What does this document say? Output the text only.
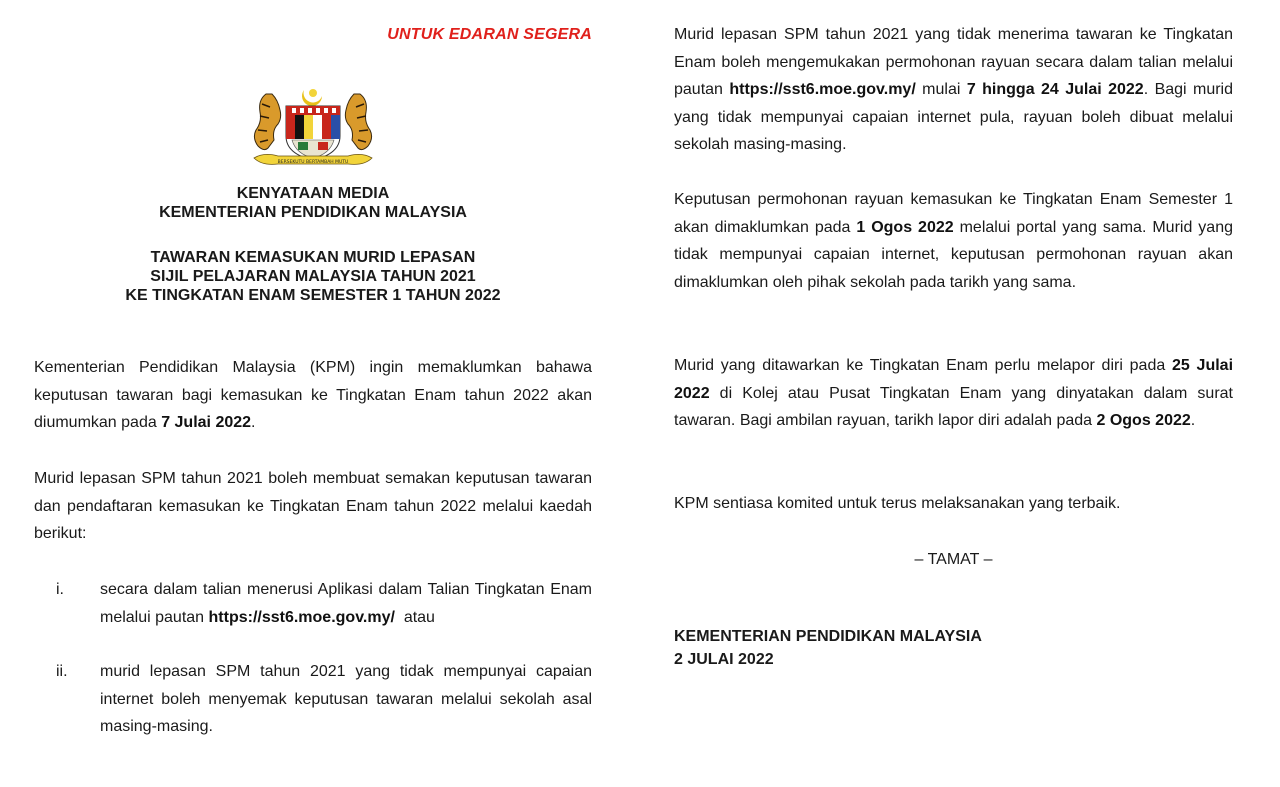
UNTUK EDARAN SEGERA
BERSEKUTU BERTAMBAH MUTU
KENYATAAN MEDIA
KEMENTERIAN PENDIDIKAN MALAYSIA
TAWARAN KEMASUKAN MURID LEPASAN
SIJIL PELAJARAN MALAYSIA TAHUN 2021
KE TINGKATAN ENAM SEMESTER 1 TAHUN 2022
Kementerian Pendidikan Malaysia (KPM) ingin memaklumkan bahawa keputusan tawaran bagi kemasukan ke Tingkatan Enam tahun 2022 akan diumumkan pada 7 Julai 2022.
Murid lepasan SPM tahun 2021 boleh membuat semakan keputusan tawaran dan pendaftaran kemasukan ke Tingkatan Enam tahun 2022 melalui kaedah berikut:
i. secara dalam talian menerusi Aplikasi dalam Talian Tingkatan Enam melalui pautan https://sst6.moe.gov.my/  atau
ii. murid lepasan SPM tahun 2021 yang tidak mempunyai capaian internet boleh menyemak keputusan tawaran melalui sekolah asal masing-masing.
Murid lepasan SPM tahun 2021 yang tidak menerima tawaran ke Tingkatan Enam boleh mengemukakan permohonan rayuan secara dalam talian melalui pautan https://sst6.moe.gov.my/ mulai 7 hingga 24 Julai 2022. Bagi murid yang tidak mempunyai capaian internet pula, rayuan boleh dibuat melalui sekolah masing-masing.
Keputusan permohonan rayuan kemasukan ke Tingkatan Enam Semester 1 akan dimaklumkan pada 1 Ogos 2022 melalui portal yang sama. Murid yang tidak mempunyai capaian internet, keputusan permohonan rayuan akan dimaklumkan oleh pihak sekolah pada tarikh yang sama.
Murid yang ditawarkan ke Tingkatan Enam perlu melapor diri pada 25 Julai 2022 di Kolej atau Pusat Tingkatan Enam yang dinyatakan dalam surat tawaran. Bagi ambilan rayuan, tarikh lapor diri adalah pada 2 Ogos 2022.
KPM sentiasa komited untuk terus melaksanakan yang terbaik.
– TAMAT –
KEMENTERIAN PENDIDIKAN MALAYSIA
2 JULAI 2022
